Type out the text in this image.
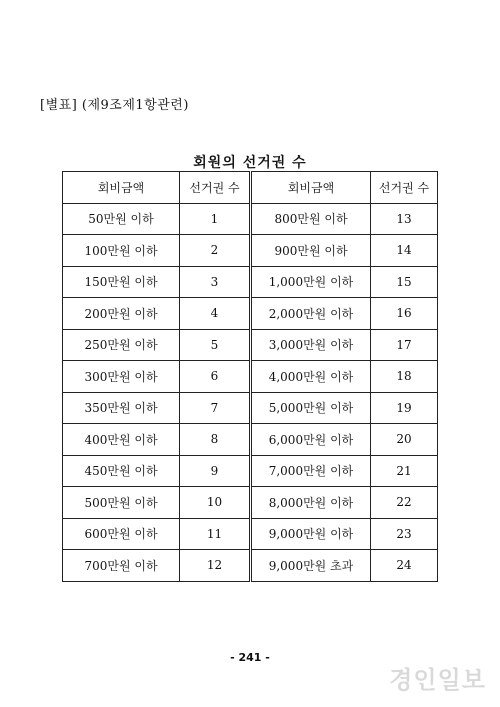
[별표] (제9조제1항관련)
회원의 선거권 수
회비금액	선거권 수	회비금액	선거권 수
50만원 이하	1	800만원 이하	13
100만원 이하	2	900만원 이하	14
150만원 이하	3	1,000만원 이하	15
200만원 이하	4	2,000만원 이하	16
250만원 이하	5	3,000만원 이하	17
300만원 이하	6	4,000만원 이하	18
350만원 이하	7	5,000만원 이하	19
400만원 이하	8	6,000만원 이하	20
450만원 이하	9	7,000만원 이하	21
500만원 이하	10	8,000만원 이하	22
600만원 이하	11	9,000만원 이하	23
700만원 이하	12	9,000만원 초과	24
- 241 -
경인일보
